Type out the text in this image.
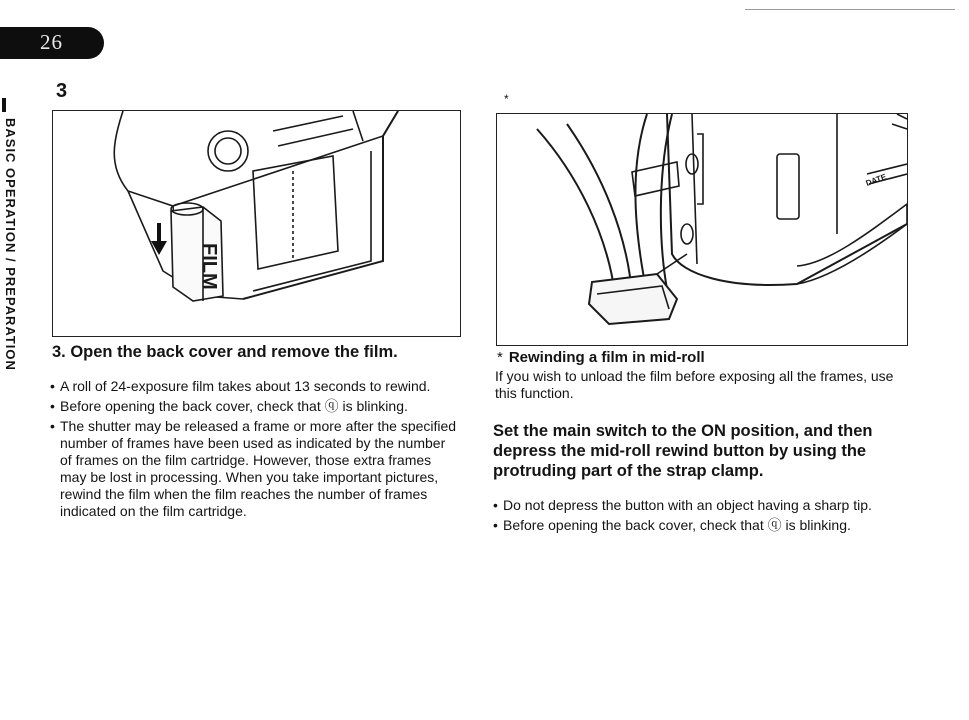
26
BASIC OPERATION / PREPARATION
3
FILM
3. Open the back cover and remove the film.
• A roll of 24-exposure film takes about 13 seconds to rewind.
• Before opening the back cover, check that ⓠ is blinking.
• The shutter may be released a frame or more after the specified number of frames have been used as indicated by the number of frames on the film cartridge. However, those extra frames may be lost in processing. When you take important pictures, rewind the film when the film reaches the number of frames indicated on the film cartridge.
*
DATE
* Rewinding a film in mid-roll
If you wish to unload the film before exposing all the frames, use this function.
Set the main switch to the ON position, and then depress the mid-roll rewind button by using the protruding part of the strap clamp.
• Do not depress the button with an object having a sharp tip.
• Before opening the back cover, check that ⓠ is blinking.
